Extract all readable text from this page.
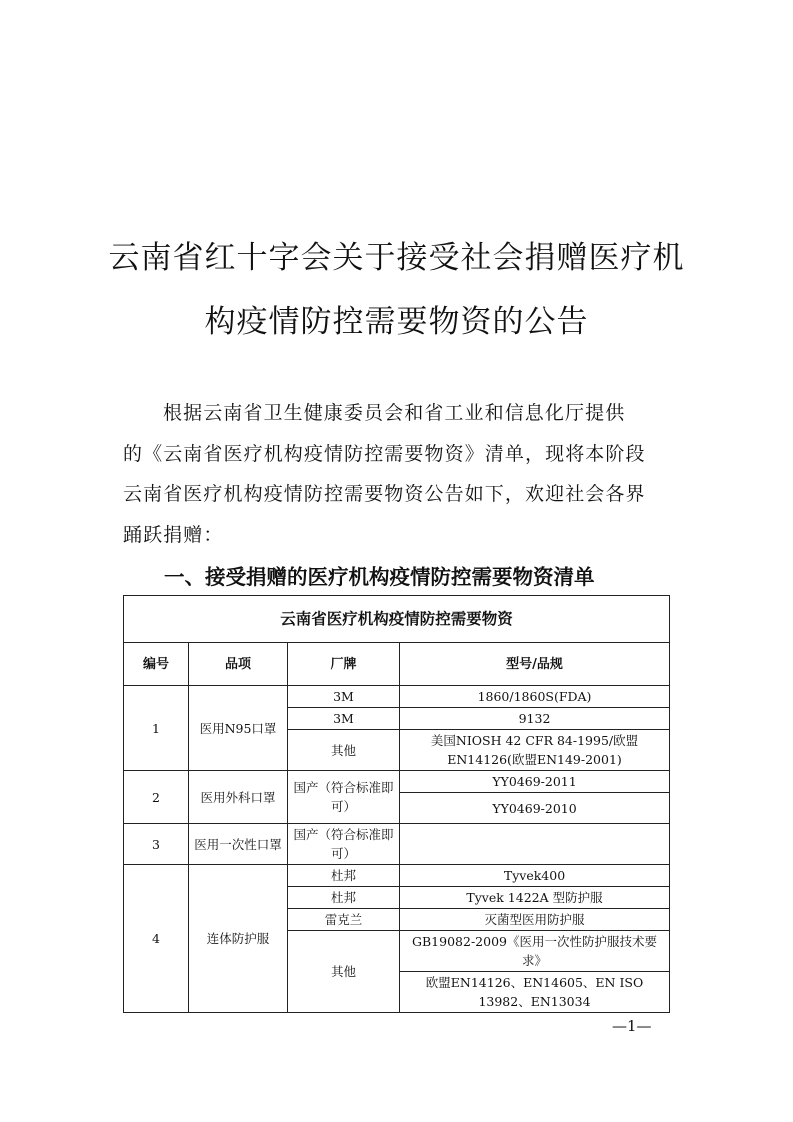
云南省红十字会关于接受社会捐赠医疗机
构疫情防控需要物资的公告

根据云南省卫生健康委员会和省工业和信息化厅提供
的《云南省医疗机构疫情防控需要物资》清单，现将本阶段
云南省医疗机构疫情防控需要物资公告如下，欢迎社会各界
踊跃捐赠：

一、接受捐赠的医疗机构疫情防控需要物资清单
云南省医疗机构疫情防控需要物资			
编号	品项	厂牌	型号/品规
1	医用N95口罩	3M	1860/1860S(FDA)
		3M	9132
		其他	美国NIOSH 42 CFR 84-1995/欧盟EN14126(欧盟EN149-2001)

2	医用外科口罩	国产（符合标准即可）	YY0469-2011
			YY0469-2010
3	医用一次性口罩	国产（符合标准即可）	
4	连体防护服	杜邦	Tyvek400
		杜邦	Tyvek 1422A 型防护服
		雷克兰	灭菌型医用防护服
		其他	GB19082-2009《医用一次性防护服技术要求》
			欧盟EN14126、EN14605、EN ISO 13982、EN13034
—1—
